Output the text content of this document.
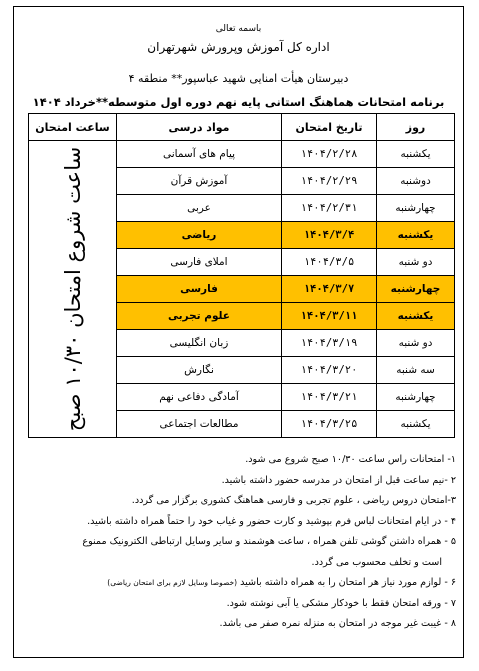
باسمه تعالی
اداره کل آموزش وپرورش شهرتهران
دبیرستان هیأت امنایی شهید عباسپور** منطقه ۴
برنامه امتحانات هماهنگ استانی پایه نهم دوره اول متوسطه**خرداد ۱۴۰۴
روز	تاریخ امتحان	مواد درسی	ساعت امتحان
یکشنبه	۱۴۰۴/۲/۲۸	پیام های آسمانی	ساعت شروع امتحان ۱۰/۳۰ صبح

دوشنبه	۱۴۰۴/۲/۲۹	آموزش قرآن	
چهارشنبه	۱۴۰۴/۲/۳۱	عربی	
یکشنبه	۱۴۰۴/۳/۴	ریاضی	
دو شنبه	۱۴۰۴/۳/۵	املای فارسی	
چهارشنبه	۱۴۰۴/۳/۷	فارسی	
یکشنبه	۱۴۰۴/۳/۱۱	علوم تجربی	
دو شنبه	۱۴۰۴/۳/۱۹	زبان انگلیسی	
سه شنبه	۱۴۰۴/۳/۲۰	نگارش	
چهارشنبه	۱۴۰۴/۳/۲۱	آمادگی دفاعی نهم	
یکشنبه	۱۴۰۴/۳/۲۵	مطالعات اجتماعی	
۱- امتحانات راس ساعت ۱۰/۳۰ صبح شروع می شود.
۲ -نیم ساعت قبل از امتحان در مدرسه حضور داشته باشید.
۳-امتحان دروس ریاضی ، علوم تجربی و فارسی هماهنگ کشوری برگزار می گردد.
۴ - در ایام امتحانات لباس فرم بپوشید و کارت حضور و غیاب خود را حتماً همراه داشته باشید.
۵ - همراه داشتن گوشی تلفن همراه ، ساعت هوشمند و سایر وسایل ارتباطی الکترونیک ممنوع
است و تخلف محسوب می گردد.
۶ - لوازم مورد نیاز هر امتحان را به همراه داشته باشید (خصوصا وسایل لازم برای امتحان ریاضی)
۷ - ورقه امتحان فقط با خودکار مشکی یا آبی نوشته شود.
۸ - غیبت غیر موجه در امتحان به منزله نمره صفر می باشد.
